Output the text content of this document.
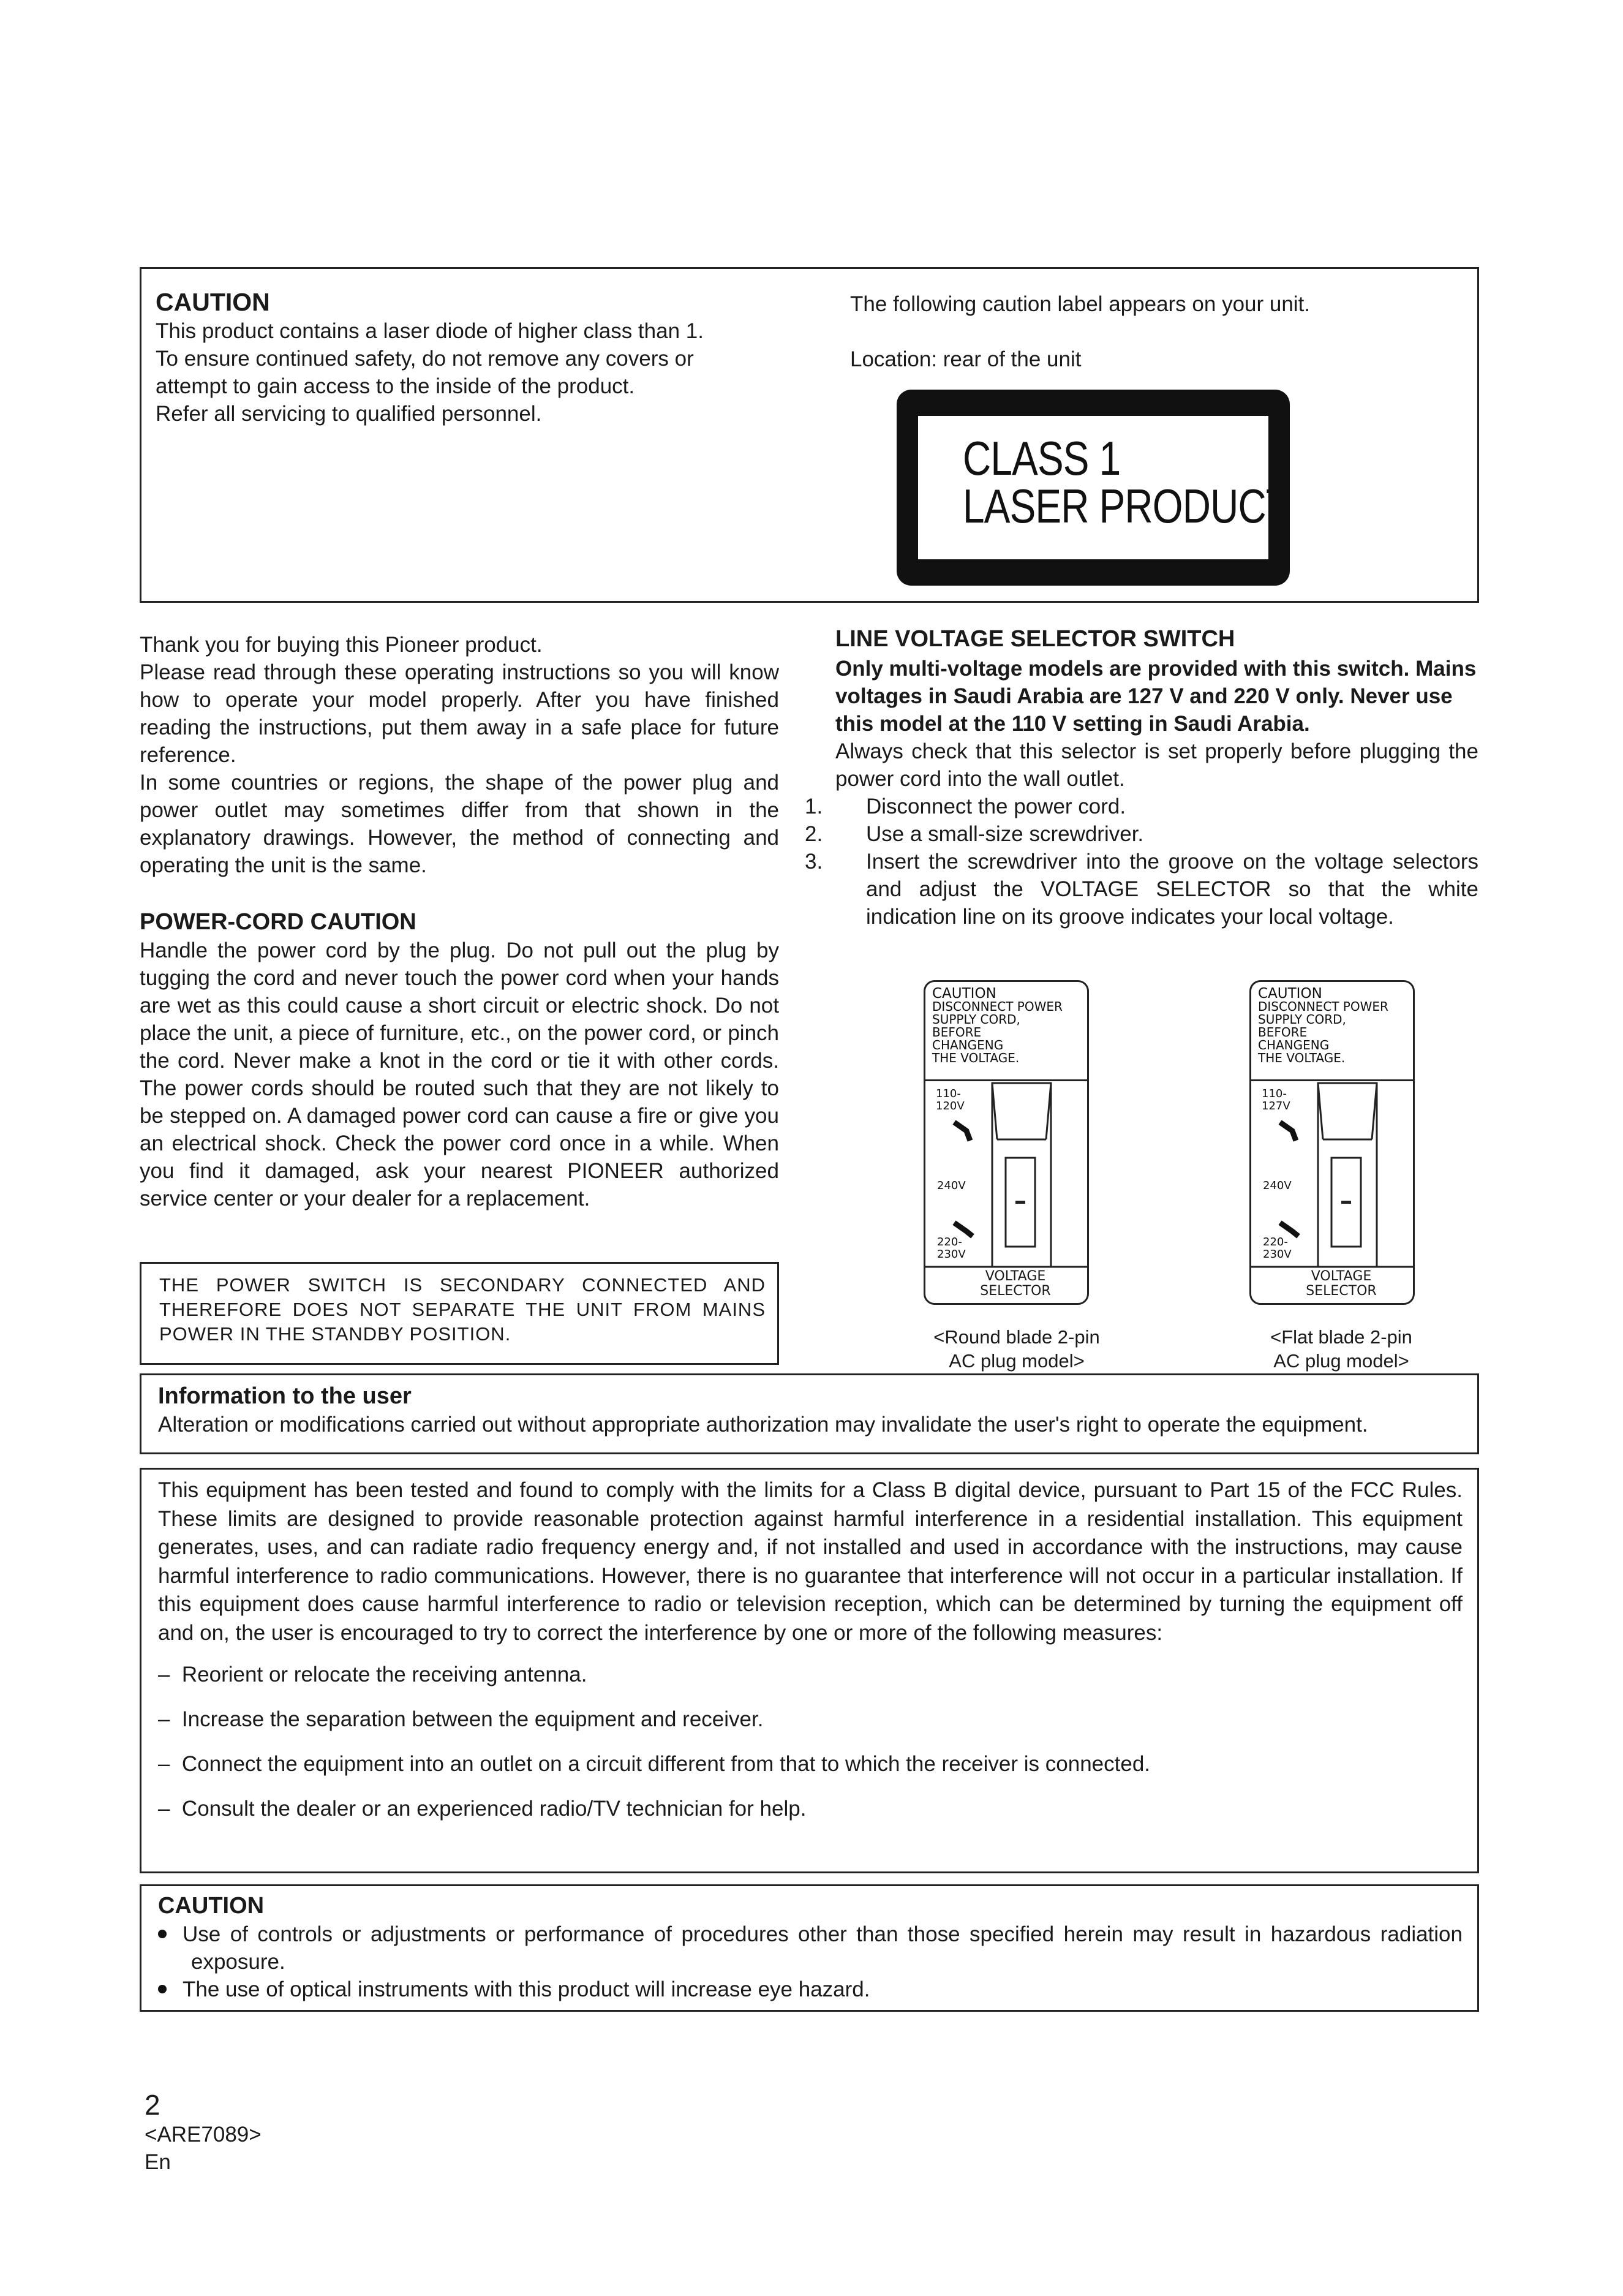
CAUTION

This product contains a laser diode of higher class than 1.

To ensure continued safety, do not remove any covers or

attempt to gain access to the inside of the product.

Refer all servicing to qualified personnel.

The following caution label appears on your unit.

Location: rear of the unit

CLASS 1
LASER PRODUCT

Thank you for buying this Pioneer product.

Please read through these operating instructions so you will know how to operate your model properly. After you have finished reading the instructions, put them away in a safe place for future reference.

In some countries or regions, the shape of the power plug and power outlet may sometimes differ from that shown in the explanatory drawings. However, the method of connecting and operating the unit is the same.

POWER-CORD CAUTION

Handle the power cord by the plug. Do not pull out the plug by tugging the cord and never touch the power cord when your hands are wet as this could cause a short circuit or electric shock. Do not place the unit, a piece of furniture, etc., on the power cord, or pinch the cord. Never make a knot in the cord or tie it with other cords. The power cords should be routed such that they are not likely to be stepped on. A damaged power cord can cause a fire or give you an electrical shock. Check the power cord once in a while. When you find it damaged, ask your nearest PIONEER authorized service center or your dealer for a replacement.

THE POWER SWITCH IS SECONDARY CONNECTED AND THEREFORE DOES NOT SEPARATE THE UNIT FROM MAINS POWER IN THE STANDBY POSITION.

LINE VOLTAGE SELECTOR SWITCH

Only multi-voltage models are provided with this switch. Mains voltages in Saudi Arabia are 127 V and 220 V only. Never use this model at the 110 V setting in Saudi Arabia.

Always check that this selector is set properly before plugging the power cord into the wall outlet.

1. Disconnect the power cord.
2. Use a small-size screwdriver.
3. Insert the screwdriver into the groove on the voltage selectors and adjust the VOLTAGE SELECTOR so that the white indication line on its groove indicates your local voltage.
CAUTION
DISCONNECT POWER
SUPPLY CORD,
BEFORE
CHANGENG
THE VOLTAGE.
110-
120V
240V
220-
230V
VOLTAGE
SELECTOR
<Round blade 2-pin
AC plug model>
CAUTION
DISCONNECT POWER
SUPPLY CORD,
BEFORE
CHANGENG
THE VOLTAGE.
110-
127V
240V
220-
230V
VOLTAGE
SELECTOR
<Flat blade 2-pin
AC plug model>

Information to the user

Alteration or modifications carried out without appropriate authorization may invalidate the user's right to operate the equipment.

This equipment has been tested and found to comply with the limits for a Class B digital device, pursuant to Part 15 of the FCC Rules. These limits are designed to provide reasonable protection against harmful interference in a residential installation. This equipment generates, uses, and can radiate radio frequency energy and, if not installed and used in accordance with the instructions, may cause harmful interference to radio communications. However, there is no guarantee that interference will not occur in a particular installation. If this equipment does cause harmful interference to radio or television reception, which can be determined by turning the equipment off and on, the user is encouraged to try to correct the interference by one or more of the following measures:

– Reorient or relocate the receiving antenna.

– Increase the separation between the equipment and receiver.

– Connect the equipment into an outlet on a circuit different from that to which the receiver is connected.

– Consult the dealer or an experienced radio/TV technician for help.

CAUTION

Use of controls or adjustments or performance of procedures other than those specified herein may result in hazardous radiation exposure.

The use of optical instruments with this product will increase eye hazard.

2

<ARE7089>

En
